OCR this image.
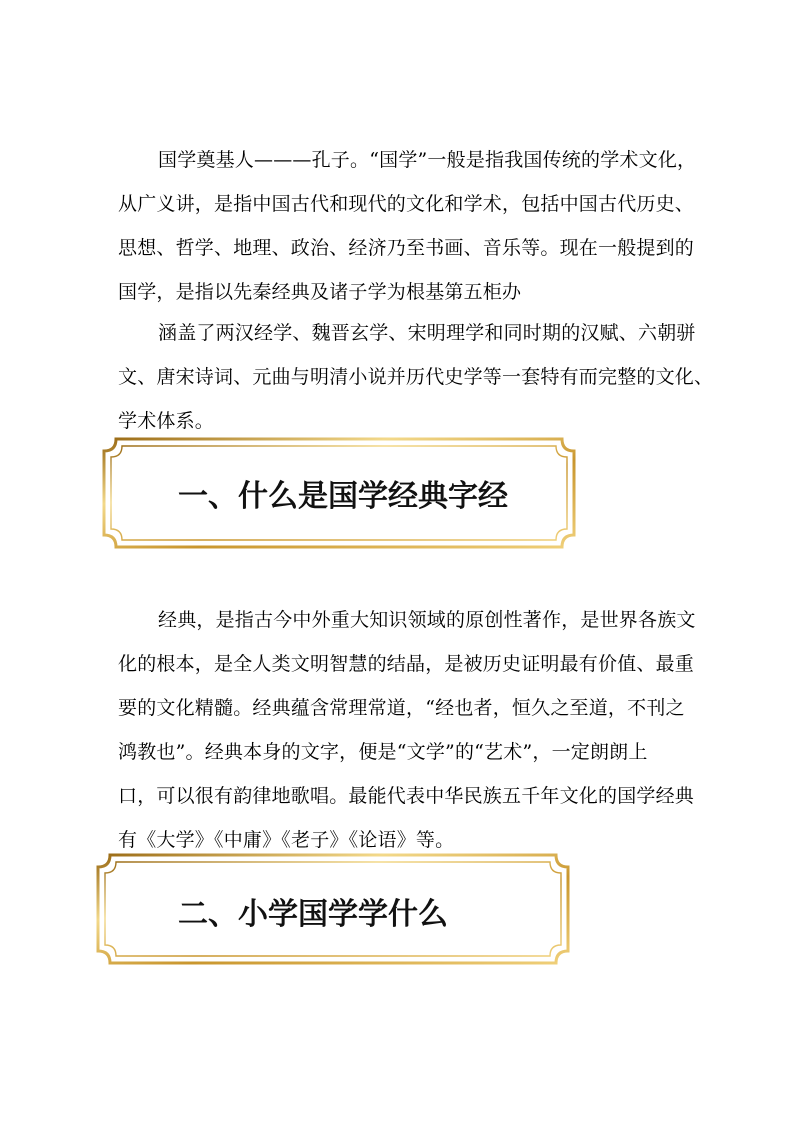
国学奠基人———孔子。“国学”一般是指我国传统的学术文化，
从广义讲，是指中国古代和现代的文化和学术，包括中国古代历史、
思想、哲学、地理、政治、经济乃至书画、音乐等。现在一般提到的
国学，是指以先秦经典及诸子学为根基第五柜办

涵盖了两汉经学、魏晋玄学、宋明理学和同时期的汉赋、六朝骈
文、唐宋诗词、元曲与明清小说并历代史学等一套特有而完整的文化、
学术体系。

一、什么是国学经典字经

经典，是指古今中外重大知识领域的原创性著作，是世界各族文
化的根本，是全人类文明智慧的结晶，是被历史证明最有价值、最重
要的文化精髓。经典蕴含常理常道，“经也者，恒久之至道，不刊之
鸿教也”。经典本身的文字，便是“文学”的“艺术”，一定朗朗上
口，可以很有韵律地歌唱。最能代表中华民族五千年文化的国学经典
有《大学》《中庸》《老子》《论语》等。

二、小学国学学什么
